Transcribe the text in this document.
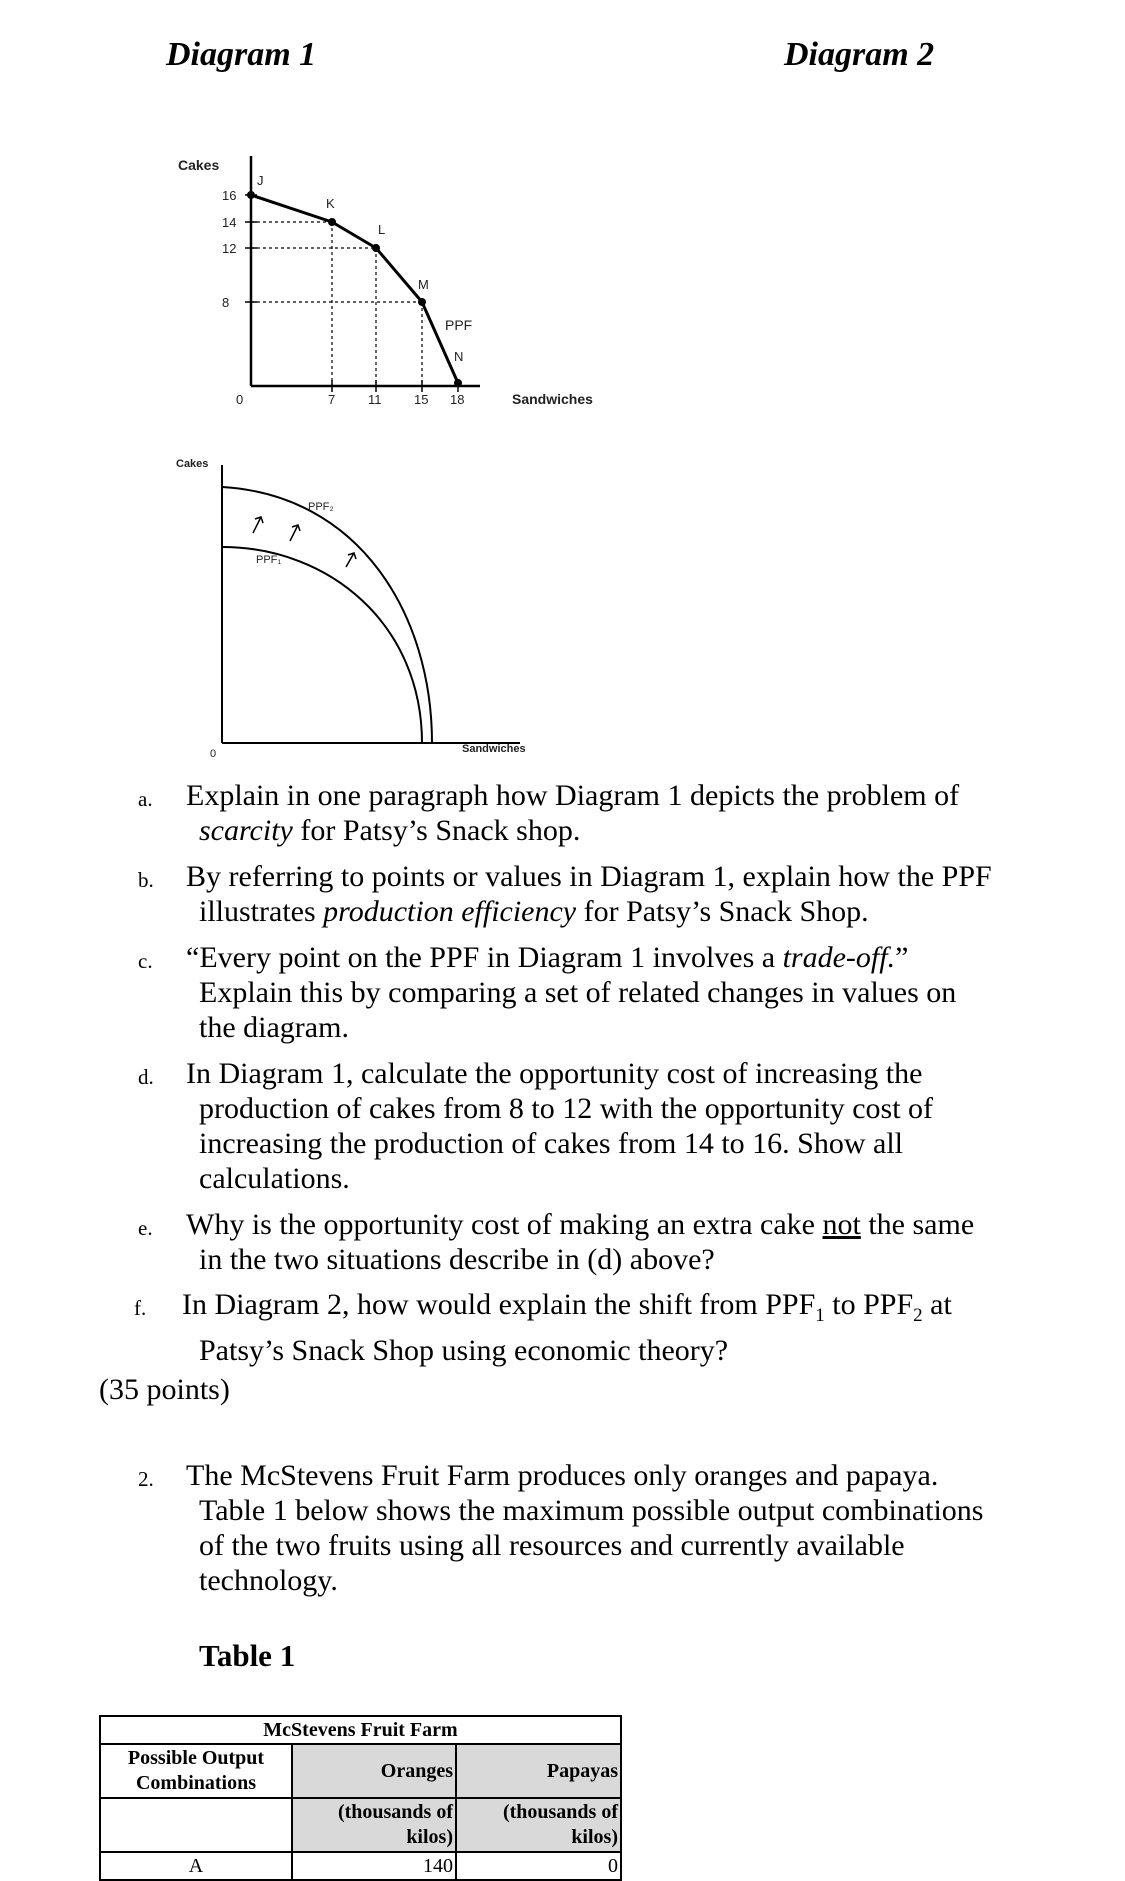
Diagram 1	Diagram 2
Cakes
Sandwiches
0
16
14
12
8
7	11	15 18
J
K
L
M
N
PPF
Cakes
Sandwiches
0
PPF₁
PPF₂
a. Explain in one paragraph how Diagram 1 depicts the problem of
scarcity for Patsy’s Snack shop.
b. By referring to points or values in Diagram 1, explain how the PPF
illustrates production efficiency for Patsy’s Snack Shop.
c. “Every point on the PPF in Diagram 1 involves a trade-off.”
Explain this by comparing a set of related changes in values on
the diagram.
d. In Diagram 1, calculate the opportunity cost of increasing the
production of cakes from 8 to 12 with the opportunity cost of
increasing the production of cakes from 14 to 16. Show all
calculations.
e. Why is the opportunity cost of making an extra cake not the same
in the two situations describe in (d) above?
f. In Diagram 2, how would explain the shift from $PPF_1$ to $PPF_2$ at
Patsy’s Snack Shop using economic theory?
(35 points)
2. The McStevens Fruit Farm produces only oranges and papaya.
Table 1 below shows the maximum possible output combinations
of the two fruits using all resources and currently available
technology.
Table 1
McStevens Fruit Farm		
Possible Output Combinations	Oranges	Papayas
	(thousands of kilos)	(thousands of kilos)
A	140	0
